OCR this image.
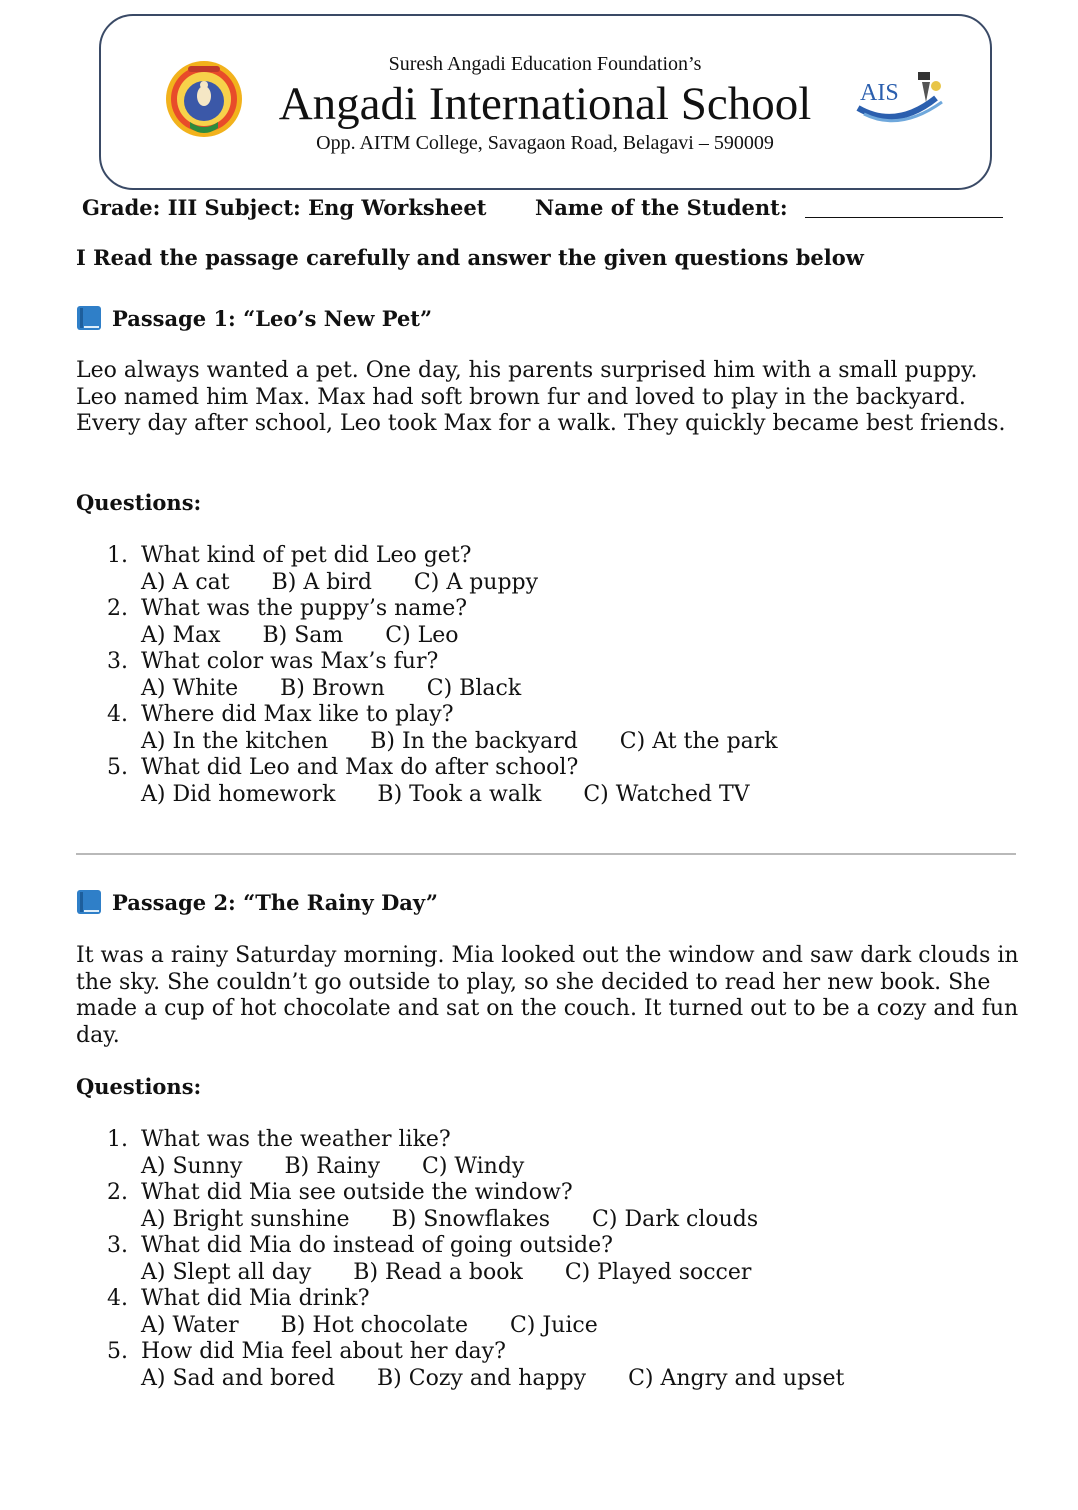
Suresh Angadi Education Foundation’s
Angadi International School
Opp. AITM College, Savagaon Road, Belagavi – 590009
AIS
Grade: III Subject: Eng Worksheet Name of the Student:
I Read the passage carefully and answer the given questions below
Passage 1: “Leo’s New Pet”
Leo always wanted a pet. One day, his parents surprised him with a small puppy. Leo named him Max. Max had soft brown fur and loved to play in the backyard. Every day after school, Leo took Max for a walk. They quickly became best friends.
Questions:
1. What kind of pet did Leo get?
A) A cat B) A bird C) A puppy
2. What was the puppy’s name?
A) Max B) Sam C) Leo
3. What color was Max’s fur?
A) White B) Brown C) Black
4. Where did Max like to play?
A) In the kitchen B) In the backyard C) At the park
5. What did Leo and Max do after school?
A) Did homework B) Took a walk C) Watched TV
Passage 2: “The Rainy Day”
It was a rainy Saturday morning. Mia looked out the window and saw dark clouds in the sky. She couldn’t go outside to play, so she decided to read her new book. She made a cup of hot chocolate and sat on the couch. It turned out to be a cozy and fun day.
Questions:
1. What was the weather like?
A) Sunny B) Rainy C) Windy
2. What did Mia see outside the window?
A) Bright sunshine B) Snowflakes C) Dark clouds
3. What did Mia do instead of going outside?
A) Slept all day B) Read a book C) Played soccer
4. What did Mia drink?
A) Water B) Hot chocolate C) Juice
5. How did Mia feel about her day?
A) Sad and bored B) Cozy and happy C) Angry and upset
